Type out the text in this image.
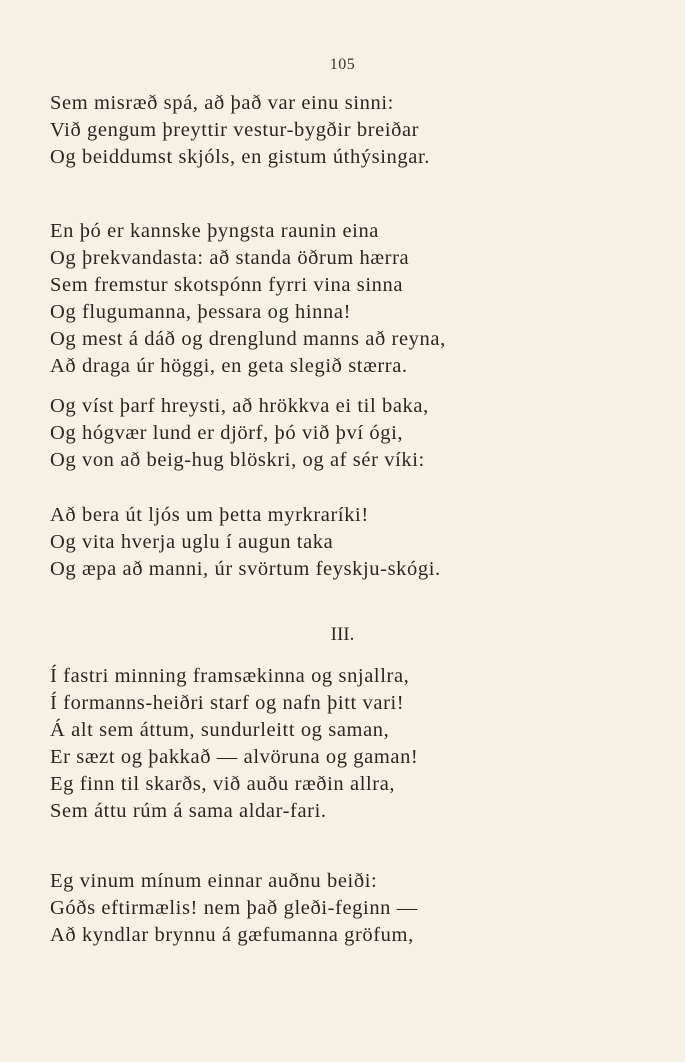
105
Sem misræð spá, að það var einu sinni:
Við gengum þreyttir vestur-bygðir breiðar
Og beiddumst skjóls, en gistum úthýsingar.
En þó er kannske þyngsta raunin eina
Og þrekvandasta: að standa öðrum hærra
Sem fremstur skotspónn fyrri vina sinna
Og flugumanna, þessara og hinna!
Og mest á dáð og drenglund manns að reyna,
Að draga úr höggi, en geta slegið stærra.
Og víst þarf hreysti, að hrökkva ei til baka,
Og hógvær lund er djörf, þó við því ógi,
Og von að beig-hug blöskri, og af sér víki:
Að bera út ljós um þetta myrkraríki!
Og vita hverja uglu í augun taka
Og æpa að manni, úr svörtum feyskju-skógi.
III.
Í fastri minning framsækinna og snjallra,
Í formanns-heiðri starf og nafn þitt vari!
Á alt sem áttum, sundurleitt og saman,
Er sæzt og þakkað — alvöruna og gaman!
Eg finn til skarðs, við auðu ræðin allra,
Sem áttu rúm á sama aldar-fari.
Eg vinum mínum einnar auðnu beiði:
Góðs eftirmælis! nem það gleði-feginn —
Að kyndlar brynnu á gæfumanna gröfum,
